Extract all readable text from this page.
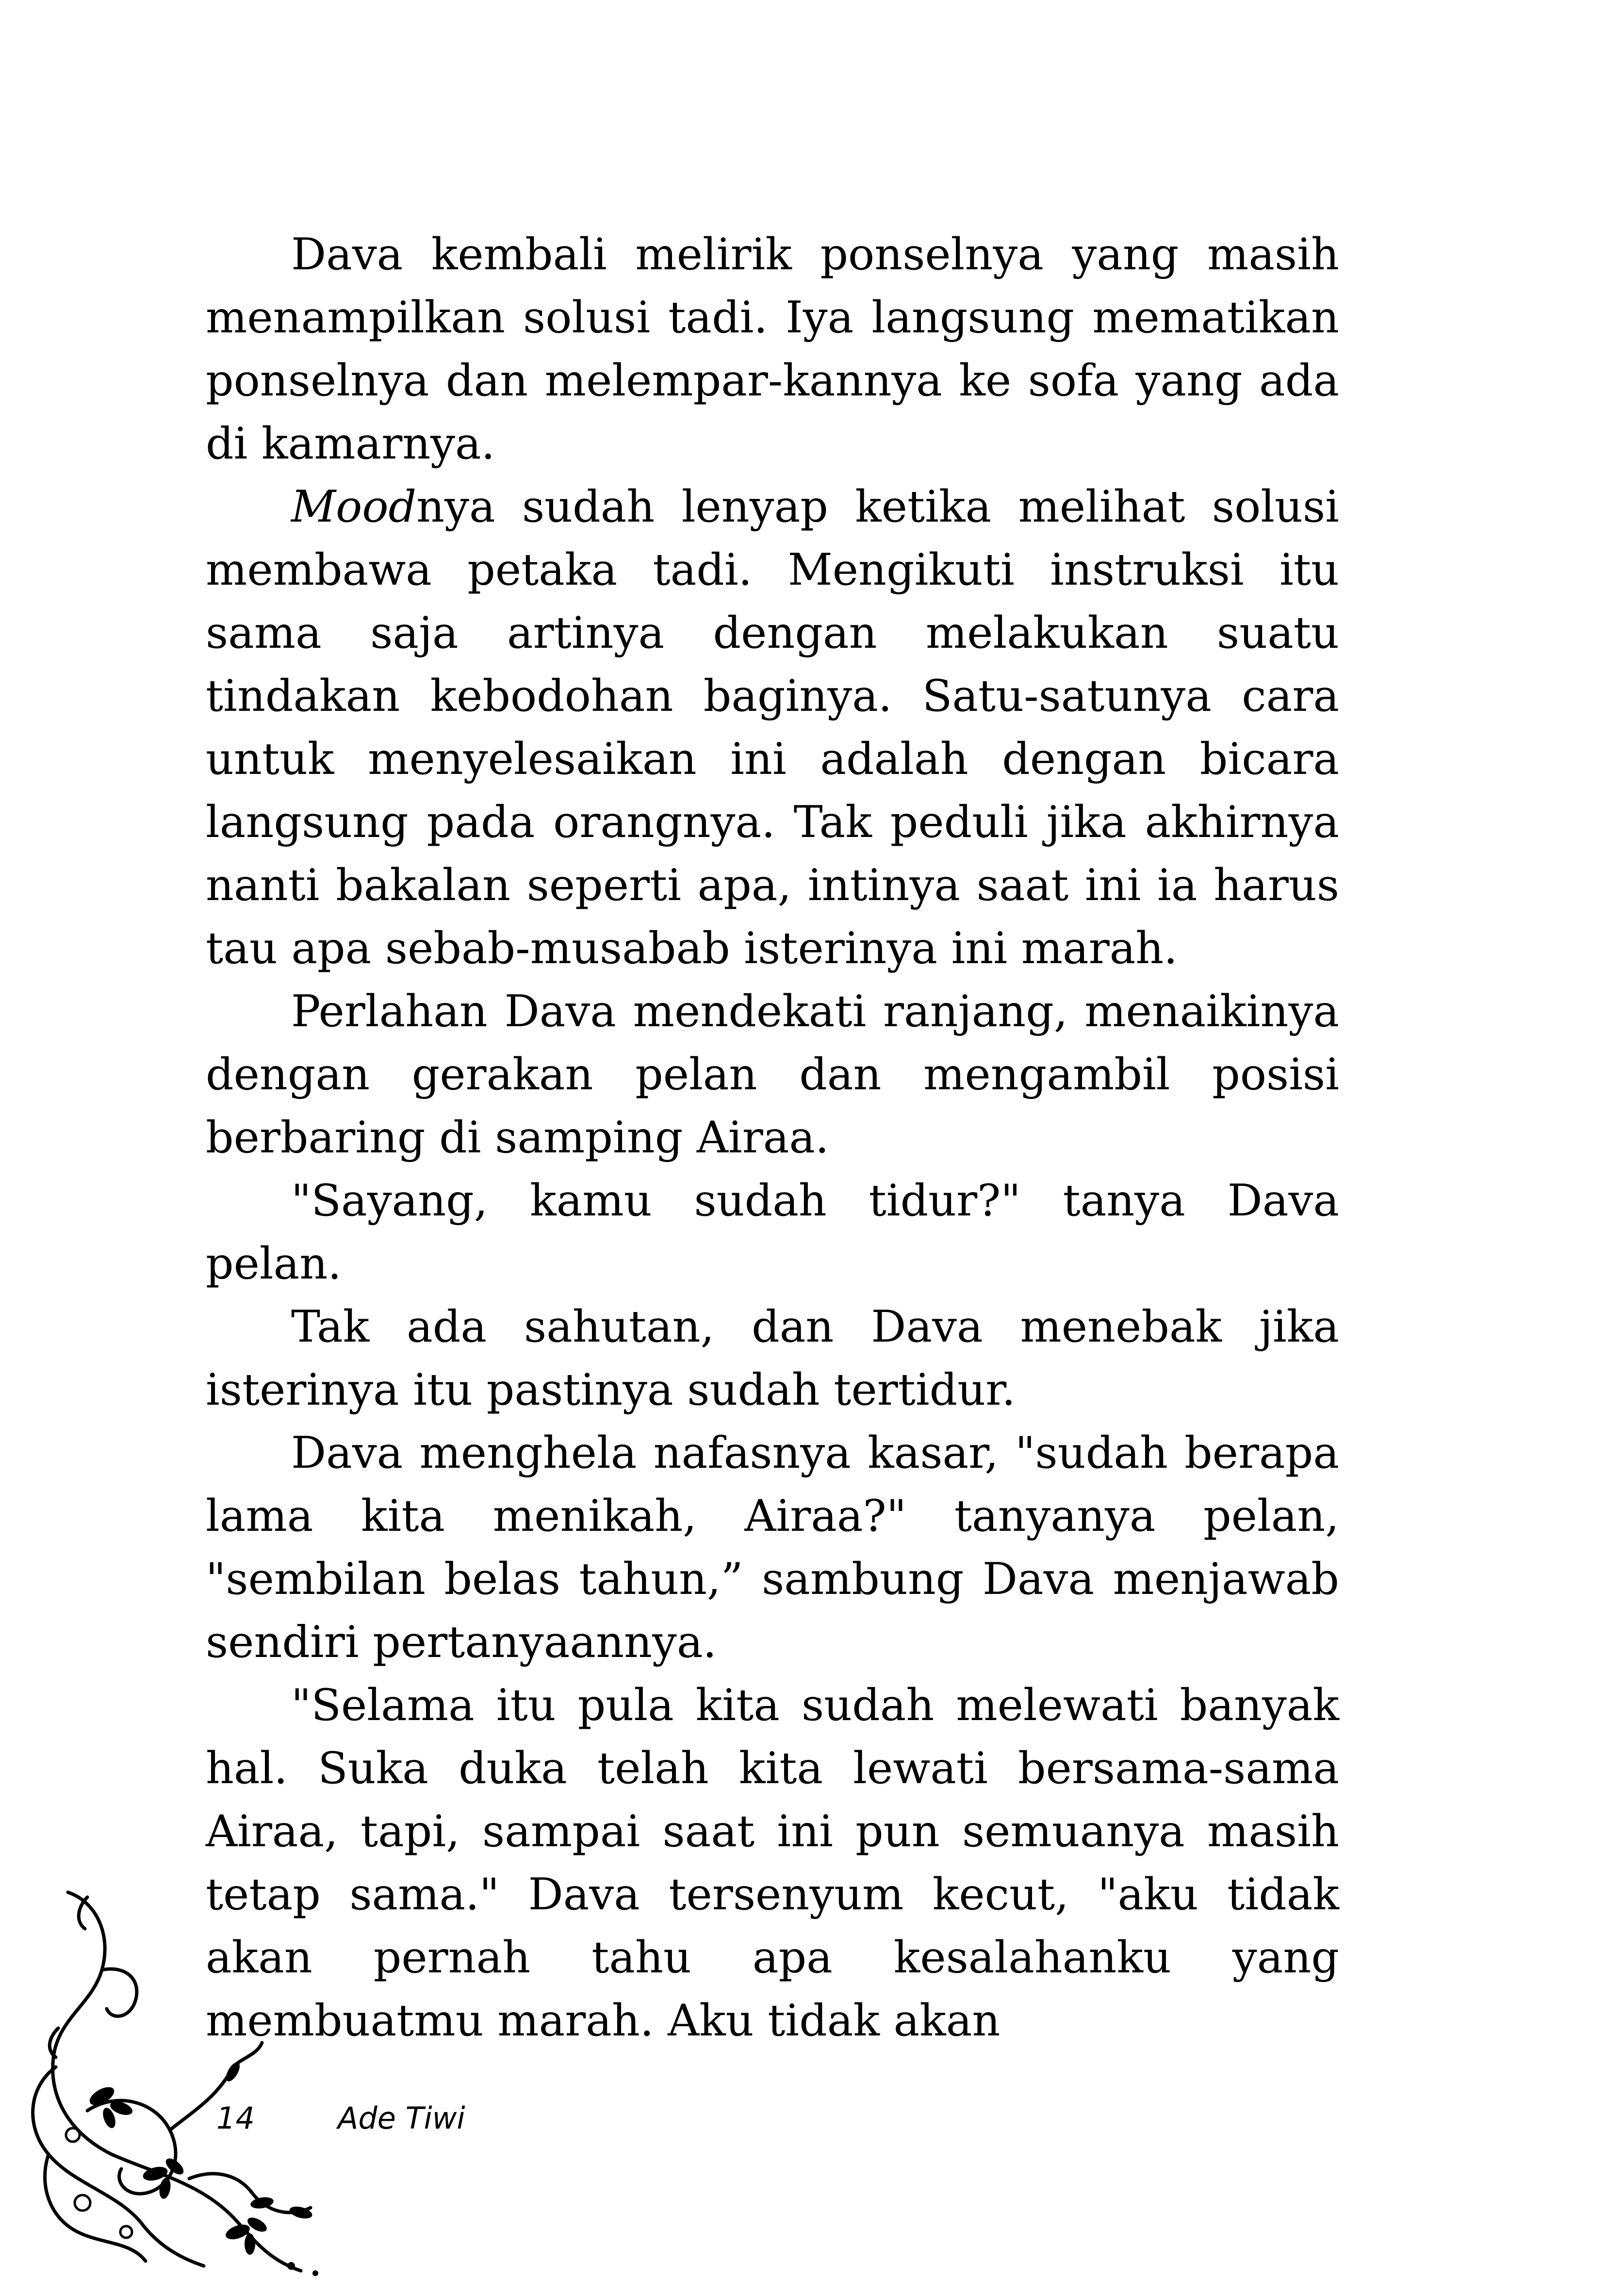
Dava kembali melirik ponselnya yang masih menampilkan solusi tadi. Iya langsung mematikan ponselnya dan melempar-kannya ke sofa yang ada di kamarnya.

Moodnya sudah lenyap ketika melihat solusi membawa petaka tadi. Mengikuti instruksi itu sama saja artinya dengan melakukan suatu tindakan kebodohan baginya. Satu-satunya cara untuk menyelesaikan ini adalah dengan bicara langsung pada orangnya. Tak peduli jika akhirnya nanti bakalan seperti apa, intinya saat ini ia harus tau apa sebab-musabab isterinya ini marah.

Perlahan Dava mendekati ranjang, menaikinya dengan gerakan pelan dan mengambil posisi berbaring di samping Airaa.

"Sayang, kamu sudah tidur?" tanya Dava pelan.

Tak ada sahutan, dan Dava menebak jika isterinya itu pastinya sudah tertidur.

Dava menghela nafasnya kasar, "sudah berapa lama kita menikah, Airaa?" tanyanya pelan, "sembilan belas tahun,” sambung Dava menjawab sendiri pertanyaannya.

"Selama itu pula kita sudah melewati banyak hal. Suka duka telah kita lewati bersama-sama Airaa, tapi, sampai saat ini pun semuanya masih tetap sama." Dava tersenyum kecut, "aku tidak akan pernah tahu apa kesalahanku yang membuatmu marah. Aku tidak akan

14	Ade Tiwi
